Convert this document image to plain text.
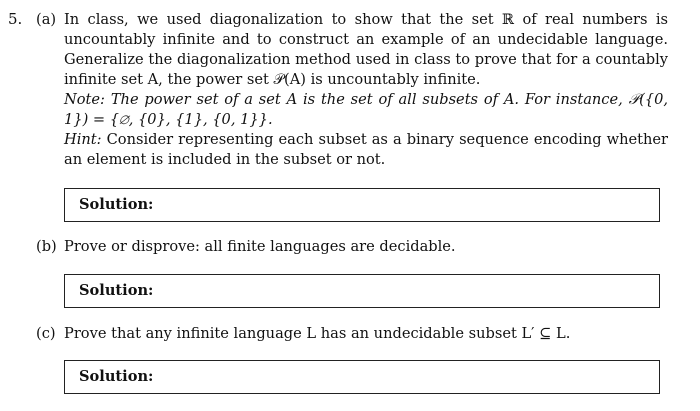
5. (a) In class, we used diagonalization to show that the set ℝ of real numbers is uncountably infinite and to construct an example of an undecidable language. Generalize the diagonalization method used in class to prove that for a countably infinite set A, the power set 𝒫(A) is uncountably infinite.

Note: The power set of a set A is the set of all subsets of A. For instance, 𝒫({0, 1}) = {∅, {0}, {1}, {0, 1}}.

Hint: Consider representing each subset as a binary sequence encoding whether an element is included in the subset or not.

Solution:
(b) Prove or disprove: all finite languages are decidable.

Solution:
(c) Prove that any infinite language L has an undecidable subset L′ ⊆ L.

Solution:
